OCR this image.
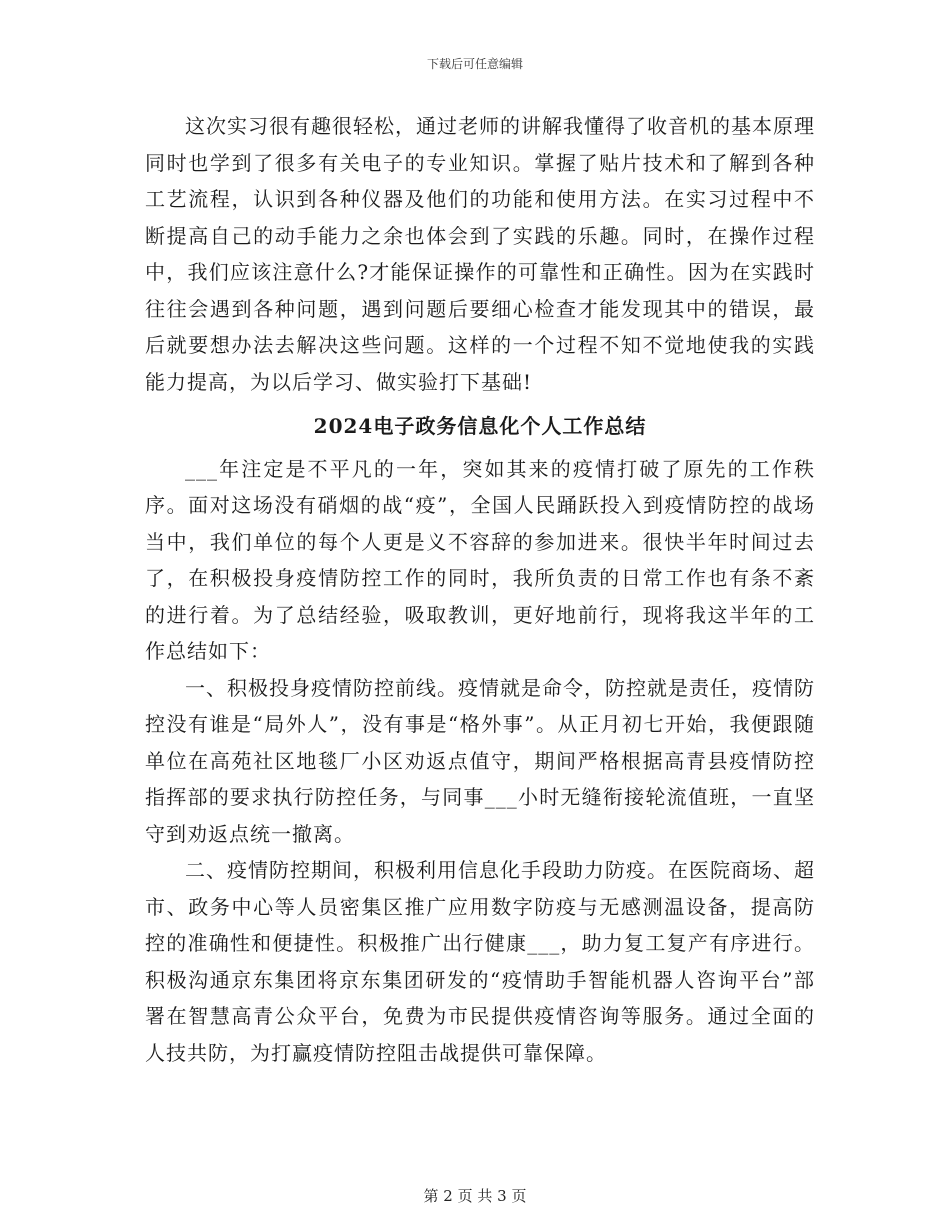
下载后可任意编辑

这次实习很有趣很轻松，通过老师的讲解我懂得了收音机的基本原理同时也学到了很多有关电子的专业知识。掌握了贴片技术和了解到各种工艺流程，认识到各种仪器及他们的功能和使用方法。在实习过程中不断提高自己的动手能力之余也体会到了实践的乐趣。同时，在操作过程中，我们应该注意什么?才能保证操作的可靠性和正确性。因为在实践时往往会遇到各种问题，遇到问题后要细心检查才能发现其中的错误，最后就要想办法去解决这些问题。这样的一个过程不知不觉地使我的实践能力提高，为以后学习、做实验打下基础!

2024电子政务信息化个人工作总结

___年注定是不平凡的一年，突如其来的疫情打破了原先的工作秩序。面对这场没有硝烟的战“疫”，全国人民踊跃投入到疫情防控的战场当中，我们单位的每个人更是义不容辞的参加进来。很快半年时间过去了，在积极投身疫情防控工作的同时，我所负责的日常工作也有条不紊的进行着。为了总结经验，吸取教训，更好地前行，现将我这半年的工作总结如下：

一、积极投身疫情防控前线。疫情就是命令，防控就是责任，疫情防控没有谁是“局外人”，没有事是“格外事”。从正月初七开始，我便跟随单位在高苑社区地毯厂小区劝返点值守，期间严格根据高青县疫情防控指挥部的要求执行防控任务，与同事___小时无缝衔接轮流值班，一直坚守到劝返点统一撤离。

二、疫情防控期间，积极利用信息化手段助力防疫。在医院商场、超市、政务中心等人员密集区推广应用数字防疫与无感测温设备，提高防控的准确性和便捷性。积极推广出行健康___，助力复工复产有序进行。积极沟通京东集团将京东集团研发的“疫情助手智能机器人咨询平台”部署在智慧高青公众平台，免费为市民提供疫情咨询等服务。通过全面的人技共防，为打赢疫情防控阻击战提供可靠保障。

第 2 页 共 3 页
